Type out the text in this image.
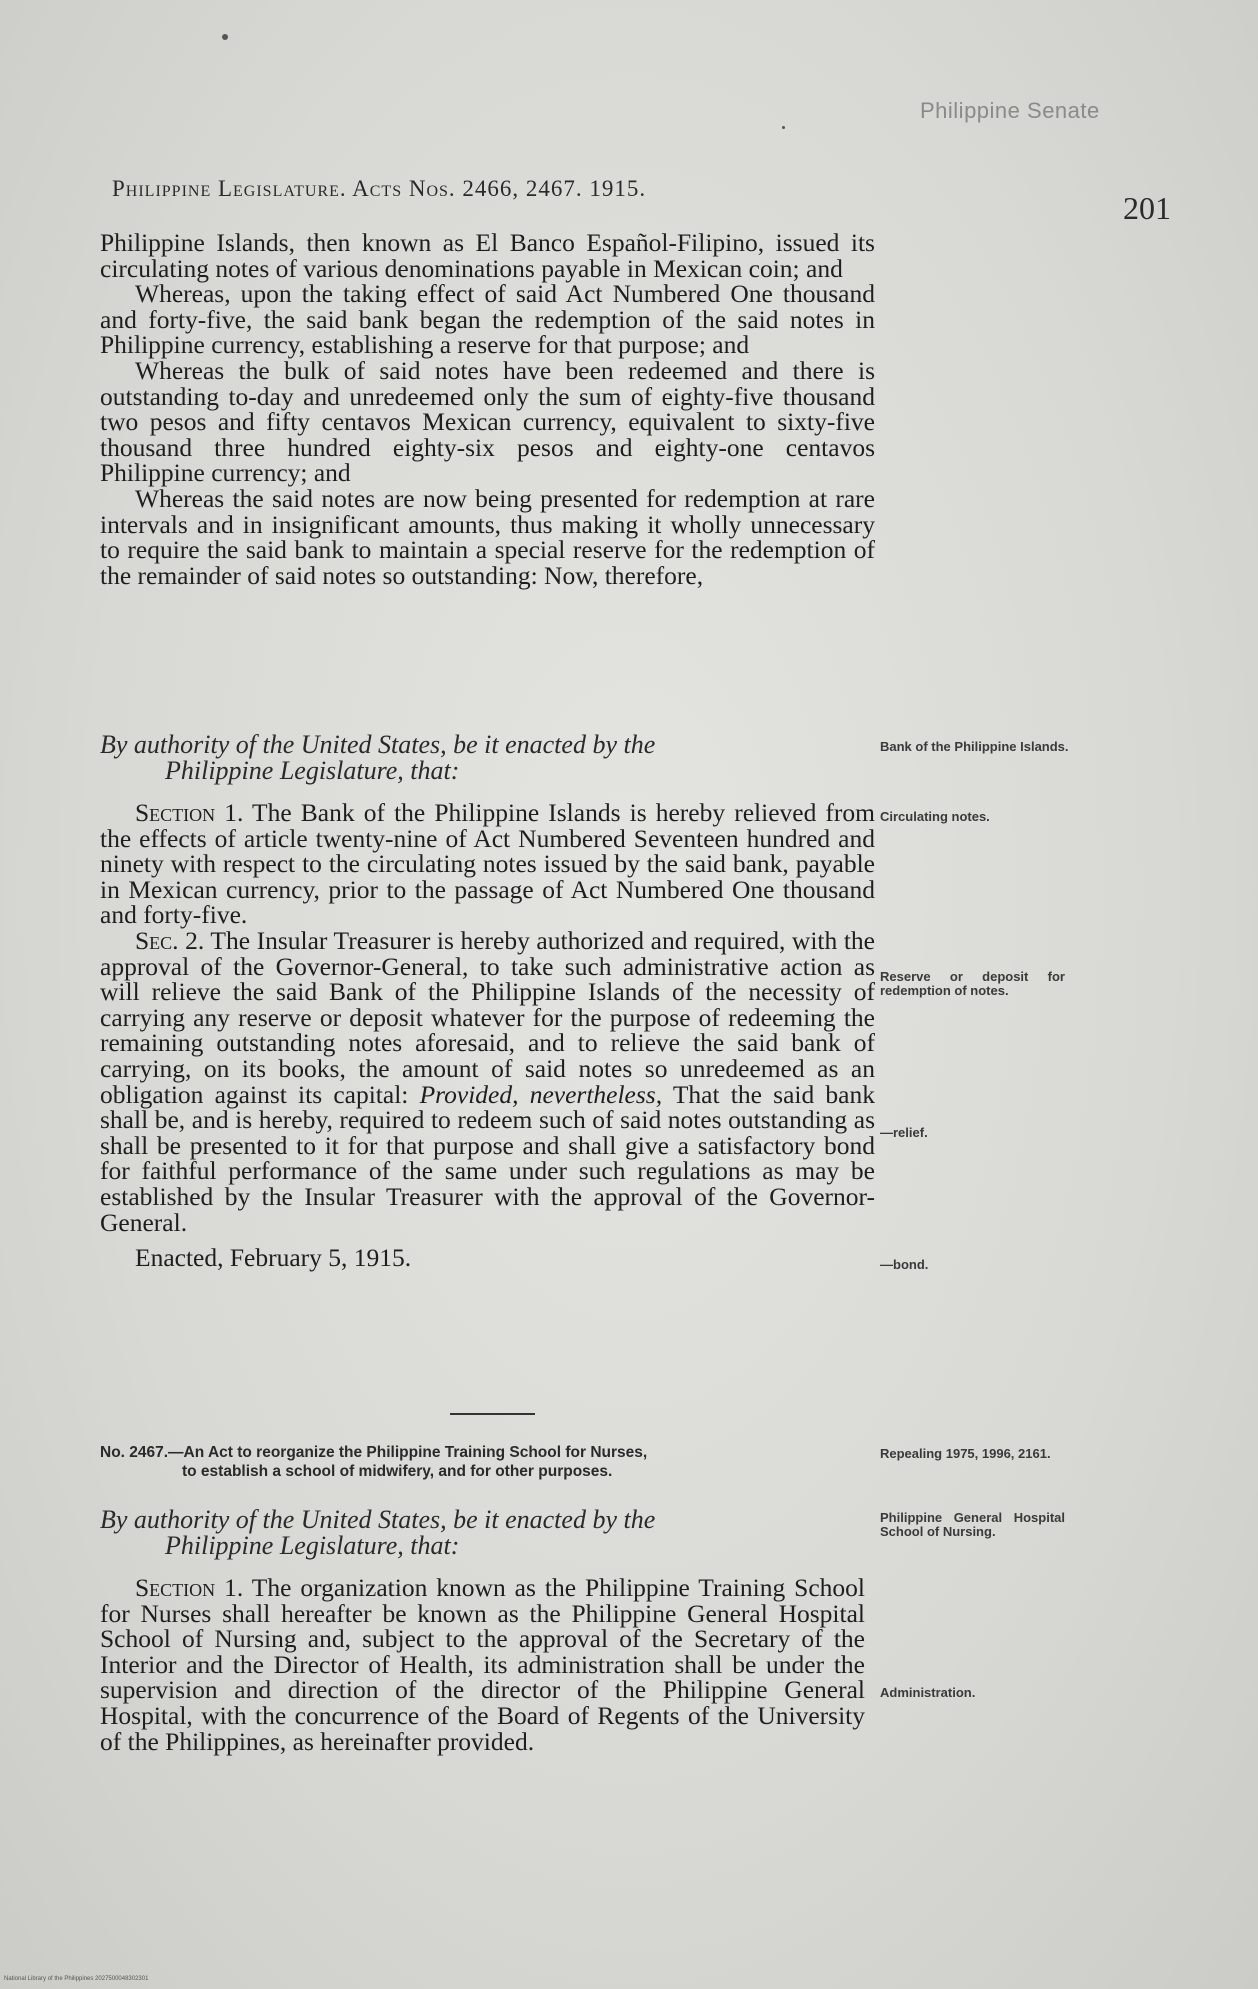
Philippine Senate
Philippine Legislature. Acts Nos. 2466, 2467. 1915.
201

Philippine Islands, then known as El Banco Español-Filipino, issued its circulating notes of various denominations payable in Mexican coin; and

Whereas, upon the taking effect of said Act Numbered One thousand and forty-five, the said bank began the redemption of the said notes in Philippine currency, establishing a reserve for that purpose; and

Whereas the bulk of said notes have been redeemed and there is outstanding to-day and unredeemed only the sum of eighty-five thousand two pesos and fifty centavos Mexican currency, equivalent to sixty-five thousand three hundred eighty-six pesos and eighty-one centavos Philippine currency; and

Whereas the said notes are now being presented for redemption at rare intervals and in insignificant amounts, thus making it wholly unnecessary to require the said bank to maintain a special reserve for the redemption of the remainder of said notes so outstanding: Now, therefore,

By authority of the United States, be it enacted by the
Philippine Legislature, that:

Section 1. The Bank of the Philippine Islands is hereby relieved from the effects of article twenty-nine of Act Numbered Seventeen hundred and ninety with respect to the circulating notes issued by the said bank, payable in Mexican currency, prior to the passage of Act Numbered One thousand and forty-five.

Sec. 2. The Insular Treasurer is hereby authorized and required, with the approval of the Governor-General, to take such administrative action as will relieve the said Bank of the Philippine Islands of the necessity of carrying any reserve or deposit whatever for the purpose of redeeming the remaining outstanding notes aforesaid, and to relieve the said bank of carrying, on its books, the amount of said notes so unredeemed as an obligation against its capital: Provided, nevertheless, That the said bank shall be, and is hereby, required to redeem such of said notes outstanding as shall be presented to it for that purpose and shall give a satisfactory bond for faithful performance of the same under such regulations as may be established by the Insular Treasurer with the approval of the Governor-General.

Enacted, February 5, 1915.

No. 2467.—An Act to reorganize the Philippine Training School for Nurses,
to establish a school of midwifery, and for other purposes.
By authority of the United States, be it enacted by the
Philippine Legislature, that:

Section 1. The organization known as the Philippine Training School for Nurses shall hereafter be known as the Philippine General Hospital School of Nursing and, subject to the approval of the Secretary of the Interior and the Director of Health, its administration shall be under the supervision and direction of the director of the Philippine General Hospital, with the concurrence of the Board of Regents of the University of the Philippines, as hereinafter provided.

Bank of the Philippine Islands.
Circulating notes.
Reserve or deposit for redemption of notes.
—relief.
—bond.
Repealing 1975, 1996, 2161.
Philippine General Hospital School of Nursing.
Administration.
National Library of the Philippines 2027500048302301
